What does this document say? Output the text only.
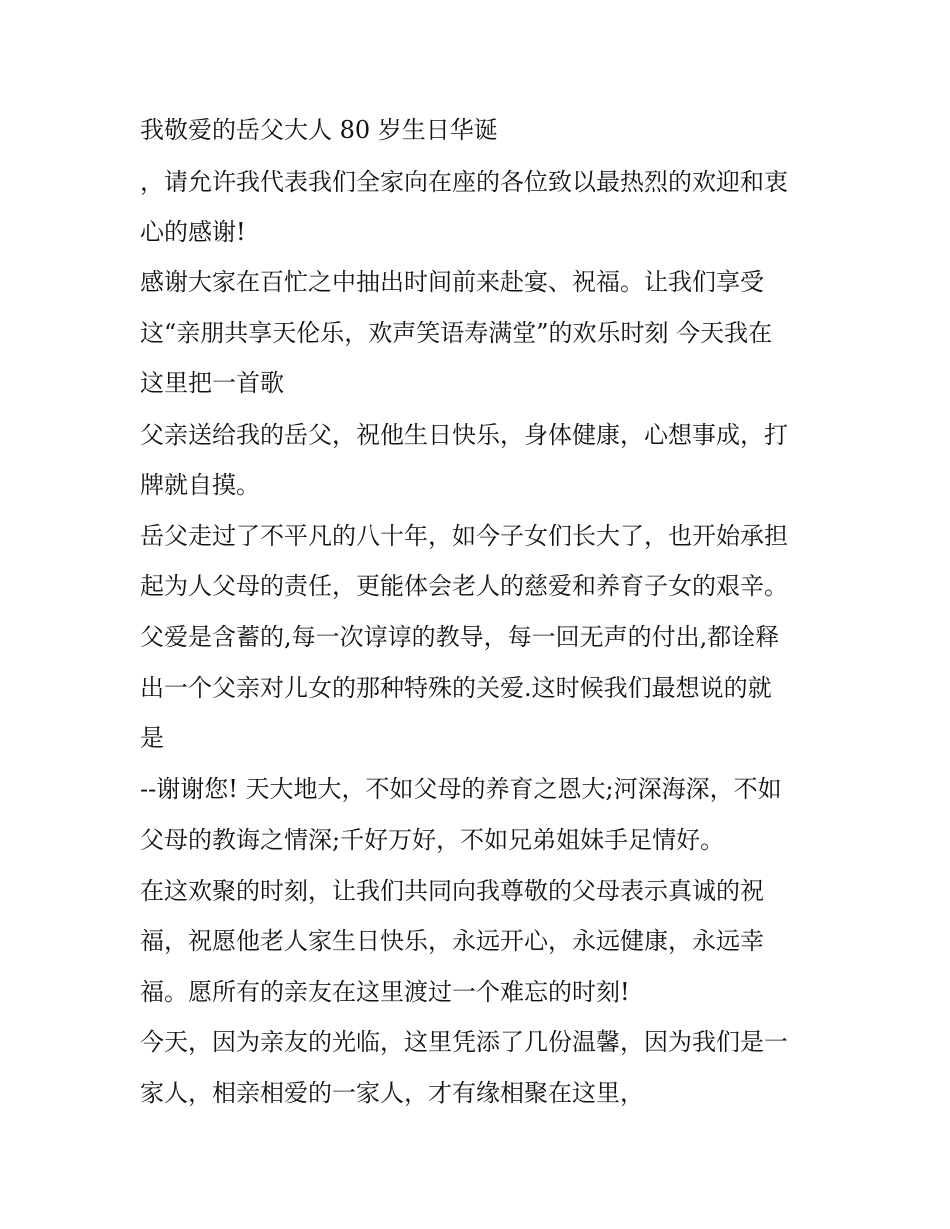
我敬爱的岳父大人 80 岁生日华诞
，请允许我代表我们全家向在座的各位致以最热烈的欢迎和衷
心的感谢!
感谢大家在百忙之中抽出时间前来赴宴、祝福。让我们享受
这“亲朋共享天伦乐，欢声笑语寿满堂”的欢乐时刻 今天我在
这里把一首歌
父亲送给我的岳父，祝他生日快乐，身体健康，心想事成，打
牌就自摸。
岳父走过了不平凡的八十年，如今子女们长大了，也开始承担
起为人父母的责任，更能体会老人的慈爱和养育子女的艰辛。
父爱是含蓄的,每一次谆谆的教导，每一回无声的付出,都诠释
出一个父亲对儿女的那种特殊的关爱.这时候我们最想说的就
是
--谢谢您! 天大地大，不如父母的养育之恩大;河深海深，不如
父母的教诲之情深;千好万好，不如兄弟姐妹手足情好。
在这欢聚的时刻，让我们共同向我尊敬的父母表示真诚的祝
福，祝愿他老人家生日快乐，永远开心，永远健康，永远幸
福。愿所有的亲友在这里渡过一个难忘的时刻!
今天，因为亲友的光临，这里凭添了几份温馨，因为我们是一
家人，相亲相爱的一家人，才有缘相聚在这里，
